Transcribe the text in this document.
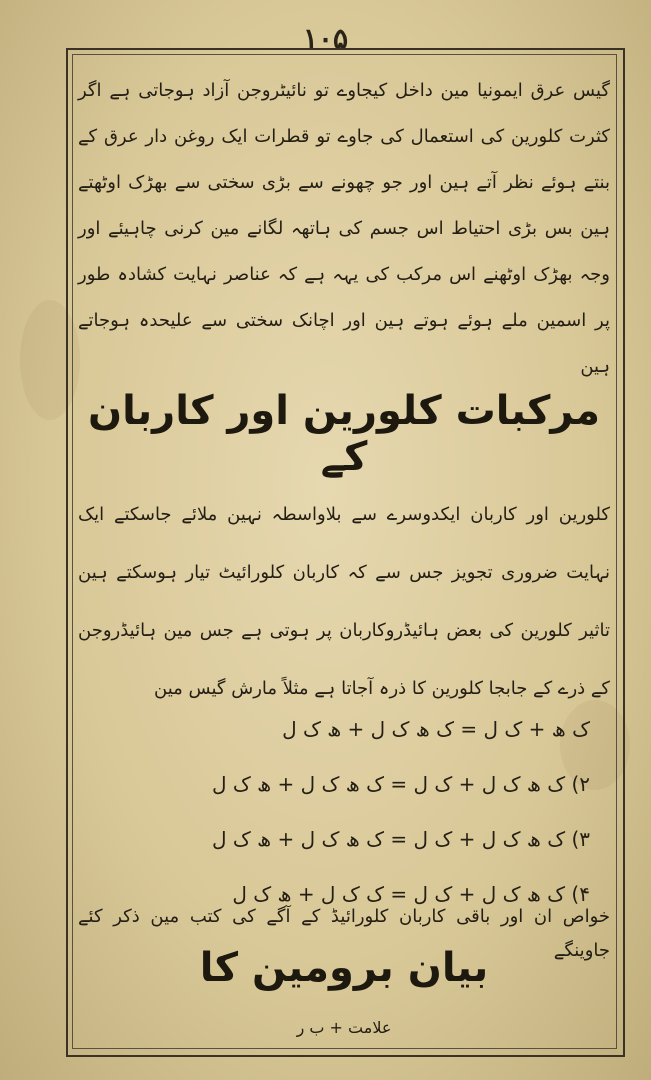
۱۰۵
گیس عرق ایمونیا مین داخل کیجاوے تو نائیٹروجن آزاد ہوجاتی ہے اگر کثرت کلورین کی استعمال کی جاوے تو قطرات ایک روغن دار عرق کے بنتے ہوئے نظر آتے ہین اور جو چھونے سے بڑی سختی سے بھڑک اوٹھتے ہین بس بڑی احتیاط اس جسم کی ہاتھہ لگانے مین کرنی چاہیئے اور وجہ بھڑک اوٹھنے اس مرکب کی یہہ ہے کہ عناصر نہایت کشادہ طور پر اسمین ملے ہوئے ہوتے ہین اور اچانک سختی سے علیحدہ ہوجاتے ہین
مرکبات کلورین اور کاربان کے
کلورین اور کاربان ایکدوسرے سے بلاواسطہ نہین ملائے جاسکتے ایک نہایت ضروری تجویز جس سے کہ کاربان کلورائیٹ تیار ہوسکتے ہین تاثیر کلورین کی بعض ہائیڈروکاربان پر ہوتی ہے جس مین ہائیڈروجن کے ذرے کے جابجا کلورین کا ذرہ آجاتا ہے مثلاً مارش گیس مین
ک ھ + ک ل = ک ھ ک ل + ھ ک ل
۲) ک ھ ک ل + ک ل = ک ھ ک ل + ھ ک ل
۳) ک ھ ک ل + ک ل = ک ھ ک ل + ھ ک ل
۴) ک ھ ک ل + ک ل = ک ک ل + ھ ک ل
خواص ان اور باقی کاربان کلورائیڈ کے آگے کی کتب مین ذکر کئے جاوینگے
بیان برومین کا
علامت + ب ر
